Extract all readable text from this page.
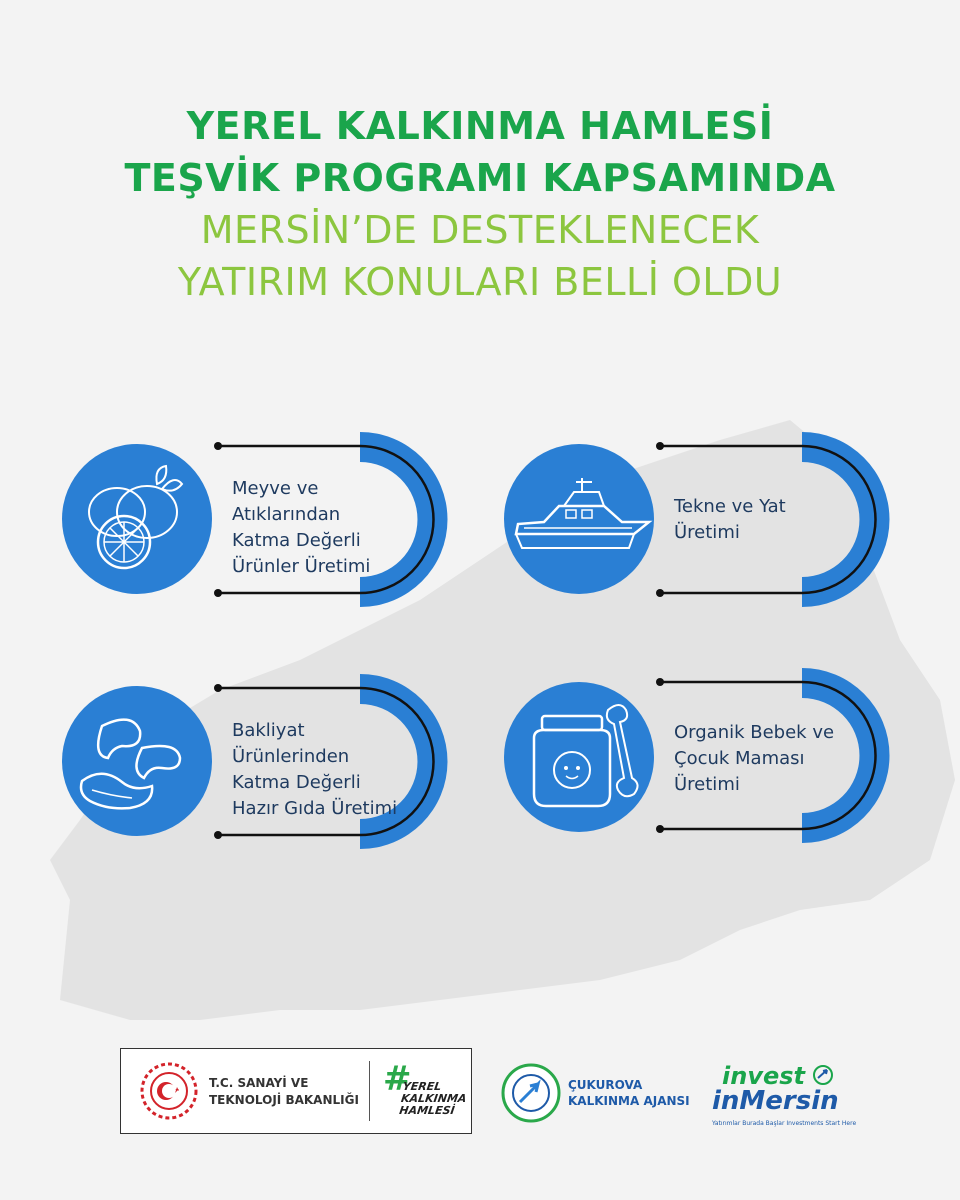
YEREL KALKINMA HAMLESİ
TEŞVİK PROGRAMI KAPSAMINDA
MERSİN’DE DESTEKLENECEK
YATIRIM KONULARI BELLİ OLDU
Meyve ve
Atıklarından
Katma Değerli
Ürünler Üretimi
Tekne ve Yat
Üretimi
Bakliyat
Ürünlerinden
Katma Değerli
Hazır Gıda Üretimi
Organik Bebek ve
Çocuk Maması
Üretimi
T.C. SANAYİ VE
TEKNOLOJİ BAKANLIĞI
#
YEREL
KALKINMA
HAMLESİ
ÇUKUROVA
KALKINMA AJANSI
invest
inMersin
Yatırımlar Burada Başlar Investments Start Here
